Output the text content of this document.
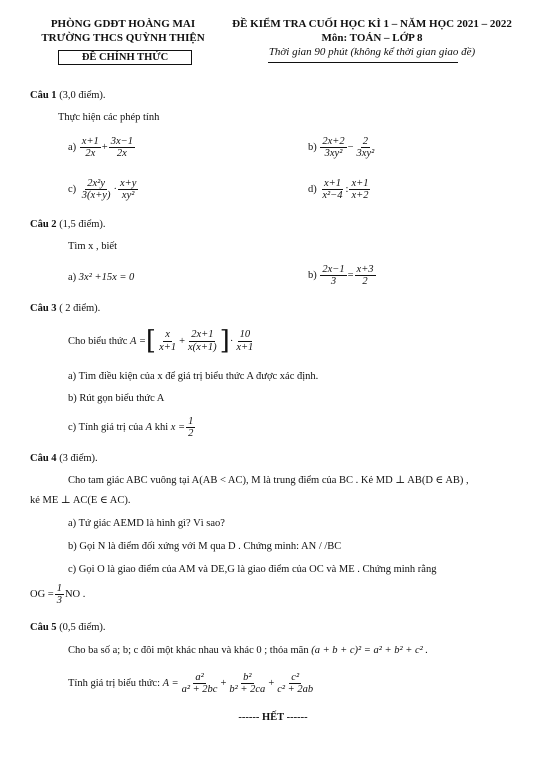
PHÒNG GDĐT HOÀNG MAI
TRƯỜNG THCS QUỲNH THIỆN
ĐỀ CHÍNH THỨC
ĐỀ KIỂM TRA CUỐI HỌC KÌ 1 – NĂM HỌC 2021 – 2022
Môn: TOÁN – LỚP 8
Thời gian 90 phút (không kể thời gian giao đề)
Câu 1 (3,0 điểm).
Thực hiện các phép tính
a)
$\frac{x+1}{2x} + \frac{3x-1}{2x}$	b)
$\frac{2x+2}{\text{3xy²}} - \frac{2}{\text{3xy²}}$
c)
$\frac{\text{2x²y}}{3(x+y)} \cdot \frac{x+y}{\text{xy²}}$	d)
$\frac{x+1}{\text{x²−4}}$ : $\frac{x+1}{x+2}$
Câu 2 (1,5 điểm).
Tìm x , biết
a)
3x² +15x = 0	b)
$\frac{2x-1}{3} = \frac{x+3}{2}$
Câu 3 ( 2 điểm).
Cho biểu thức
A = [ $\frac{x}{x+1} + \frac{2x+1}{x(x+1)}$ ] · $\frac{10}{x+1}$
a) Tìm điều kiện của x để giá trị biểu thức A được xác định.
b) Rút gọn biểu thức A
c) Tính giá trị của
A
khi
$x = \frac{1}{2}$
Câu 4 (3 điểm).
Cho tam giác ABC vuông tại A(AB < AC), M là trung điểm của BC . Kẻ MD ⊥ AB(D ∈ AB) ,
kẻ ME ⊥ AC(E ∈ AC).
a) Tứ giác AEMD là hình gì? Vì sao?
b) Gọi N là điểm đối xứng với M qua D . Chứng minh: AN / /BC
c) Gọi O là giao điểm của AM và DE,G là giao điểm của OC và ME . Chứng minh rằng
OG = $\frac{1}{3}$ NO .
Câu 5 (0,5 điểm).
Cho ba số a; b; c đôi một khác nhau và khác 0 ; thỏa mãn
(a + b + c)² = a² + b² + c² .
Tính giá trị biểu thức:
$A = \frac{\text{a²}}{\text{a² + 2bc}} + \frac{\text{b²}}{\text{b² + 2ca}} + \frac{\text{c²}}{\text{c² + 2ab}}$
------ HẾT ------
